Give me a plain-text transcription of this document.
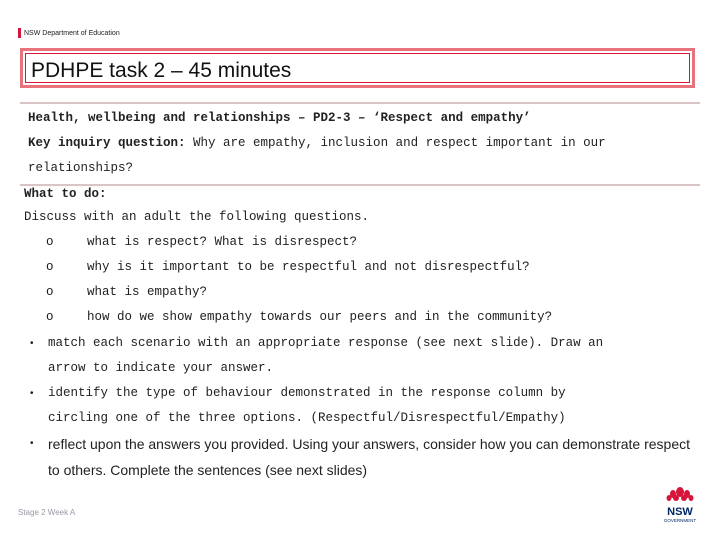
NSW Department of Education
PDHPE task 2 – 45 minutes
Health, wellbeing and relationships – PD2-3 – ‘Respect and empathy’
Key inquiry question: Why are empathy, inclusion and respect important in our
relationships?
What to do:
Discuss with an adult the following questions.
o	what is respect? What is disrespect?
o	why is it important to be respectful and not disrespectful?
o	what is empathy?
o	how do we show empathy towards our peers and in the community?
• match each scenario with an appropriate response (see next slide). Draw an
arrow to indicate your answer.
• identify the type of behaviour demonstrated in the response column by
circling one of the three options. (Respectful/Disrespectful/Empathy)
• reflect upon the answers you provided. Using your answers, consider how you can demonstrate respect
to others. Complete the sentences (see next slides)
Stage 2 Week A	NSW
GOVERNMENT
